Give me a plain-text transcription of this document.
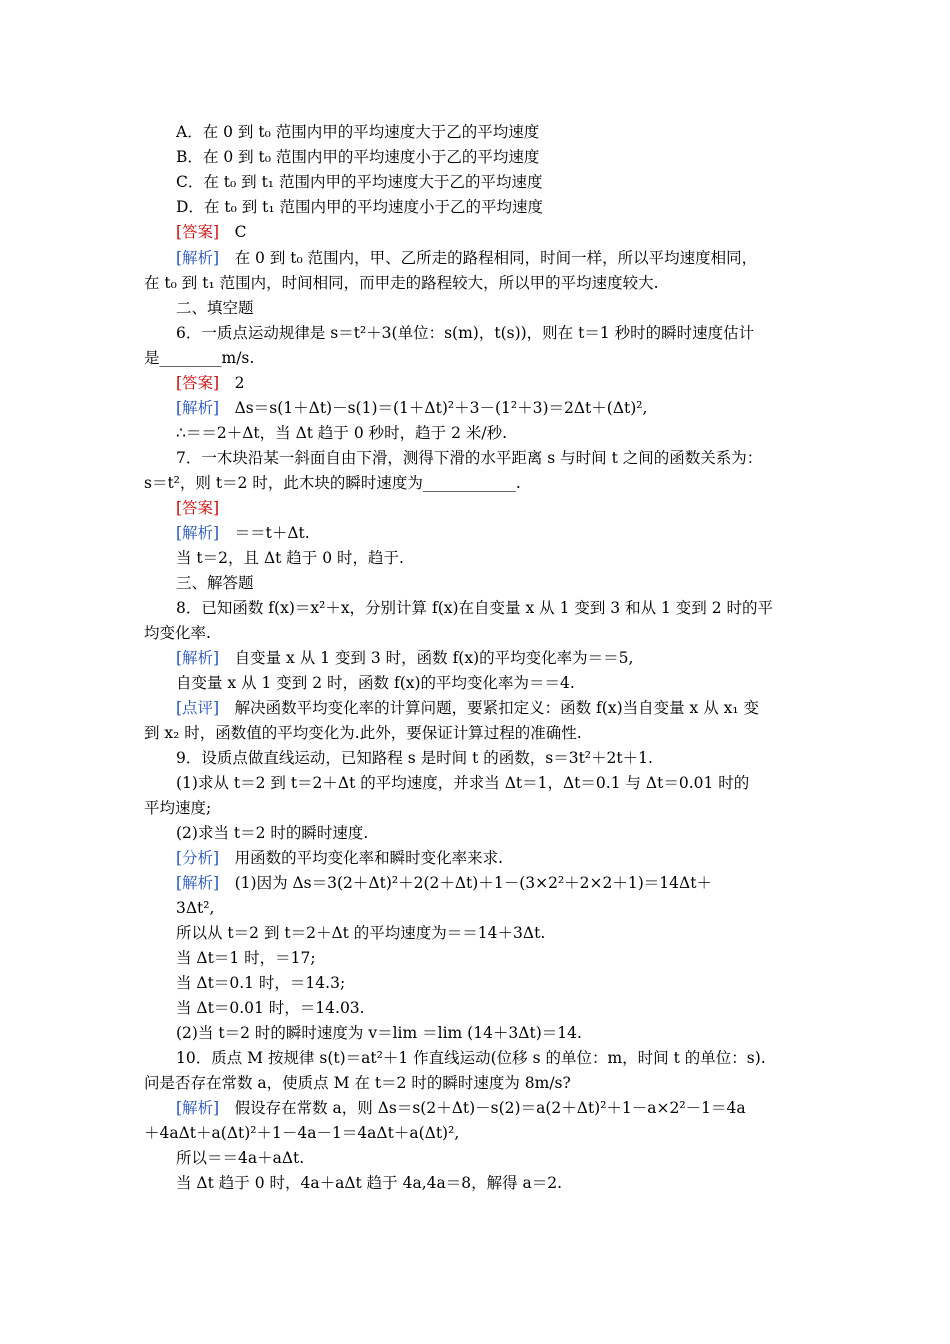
A．在 0 到 t₀ 范围内甲的平均速度大于乙的平均速度
B．在 0 到 t₀ 范围内甲的平均速度小于乙的平均速度
C．在 t₀ 到 t₁ 范围内甲的平均速度大于乙的平均速度
D．在 t₀ 到 t₁ 范围内甲的平均速度小于乙的平均速度
[答案]　C
[解析]　在 0 到 t₀ 范围内，甲、乙所走的路程相同，时间一样，所以平均速度相同，
在 t₀ 到 t₁ 范围内，时间相同，而甲走的路程较大，所以甲的平均速度较大.
二、填空题
6．一质点运动规律是 s＝t²＋3(单位：s(m)，t(s))，则在 t＝1 秒时的瞬时速度估计
是________m/s.
[答案]　2
[解析]　Δs＝s(1＋Δt)－s(1)＝(1＋Δt)²＋3－(1²＋3)＝2Δt＋(Δt)²,
∴＝＝2＋Δt，当 Δt 趋于 0 秒时，趋于 2 米/秒.
7．一木块沿某一斜面自由下滑，测得下滑的水平距离 s 与时间 t 之间的函数关系为：
s＝t²，则 t＝2 时，此木块的瞬时速度为____________.
[答案]
[解析]　＝＝t＋Δt.
当 t＝2，且 Δt 趋于 0 时，趋于.
三、解答题
8．已知函数 f(x)＝x²＋x，分别计算 f(x)在自变量 x 从 1 变到 3 和从 1 变到 2 时的平
均变化率.
[解析]　自变量 x 从 1 变到 3 时，函数 f(x)的平均变化率为＝＝5,
自变量 x 从 1 变到 2 时，函数 f(x)的平均变化率为＝＝4.
[点评]　解决函数平均变化率的计算问题，要紧扣定义：函数 f(x)当自变量 x 从 x₁ 变
到 x₂ 时，函数值的平均变化为.此外，要保证计算过程的准确性.
9．设质点做直线运动，已知路程 s 是时间 t 的函数，s＝3t²＋2t＋1.
(1)求从 t＝2 到 t＝2＋Δt 的平均速度，并求当 Δt＝1，Δt＝0.1 与 Δt＝0.01 时的
平均速度;
(2)求当 t＝2 时的瞬时速度.
[分析]　用函数的平均变化率和瞬时变化率来求.
[解析]　(1)因为 Δs＝3(2＋Δt)²＋2(2＋Δt)＋1－(3×2²＋2×2＋1)＝14Δt＋
3Δt²,
所以从 t＝2 到 t＝2＋Δt 的平均速度为＝＝14＋3Δt.
当 Δt＝1 时，＝17;
当 Δt＝0.1 时，＝14.3;
当 Δt＝0.01 时，＝14.03.
(2)当 t＝2 时的瞬时速度为 v＝lim ＝lim (14＋3Δt)＝14.
10．质点 M 按规律 s(t)＝at²＋1 作直线运动(位移 s 的单位：m，时间 t 的单位：s).
问是否存在常数 a，使质点 M 在 t＝2 时的瞬时速度为 8m/s?
[解析]　假设存在常数 a，则 Δs＝s(2＋Δt)－s(2)＝a(2＋Δt)²＋1－a×2²－1＝4a
＋4aΔt＋a(Δt)²＋1－4a－1＝4aΔt＋a(Δt)²,
所以＝＝4a＋aΔt.
当 Δt 趋于 0 时，4a＋aΔt 趋于 4a,4a＝8，解得 a＝2.
